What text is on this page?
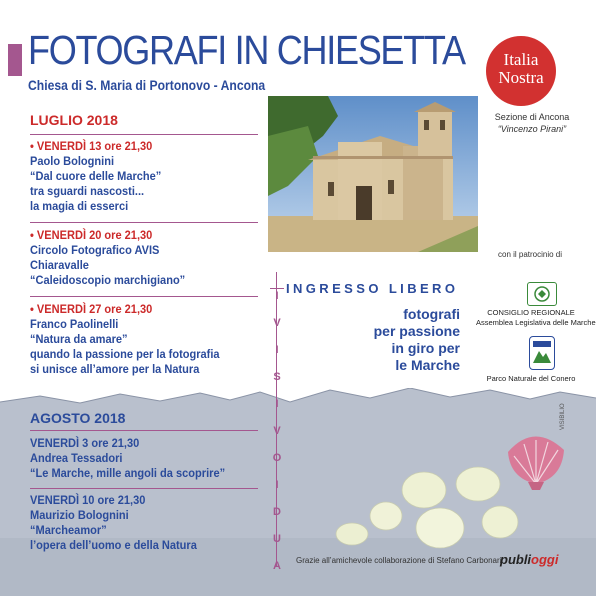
FOTOGRAFI IN CHIESETTA
Chiesa di S. Maria di Portonovo - Ancona
Italia
Nostra
Sezione di Ancona
“Vincenzo Pirani”
LUGLIO 2018
• VENERDÌ 13 ore 21,30
Paolo Bolognini
“Dal cuore delle Marche”
tra sguardi nascosti...
la magia di esserci
• VENERDÌ 20 ore 21,30
Circolo Fotografico AVIS
Chiaravalle
“Caleidoscopio marchigiano”
• VENERDÌ 27 ore 21,30
Franco Paolinelli
“Natura da amare”
quando la passione per la fotografia
si unisce all’amore per la Natura
AGOSTO 2018
VENERDÌ 3 ore 21,30
Andrea Tessadori
“Le Marche, mille angoli da scoprire”
VENERDÌ 10 ore 21,30
Maurizio Bolognini
“Marcheamor”
l’opera dell’uomo e della Natura
A
U
D
I
O
V
I
S
I
V
I INGRESSO LIBERO
fotografi
per passione
in giro per
le Marche
con il patrocinio di
CONSIGLIO REGIONALE
Assemblea Legislativa delle Marche
Parco Naturale del Conero
VISIBILIO
Grazie all’amichevole collaborazione di Stefano Carbonari
publioggi
